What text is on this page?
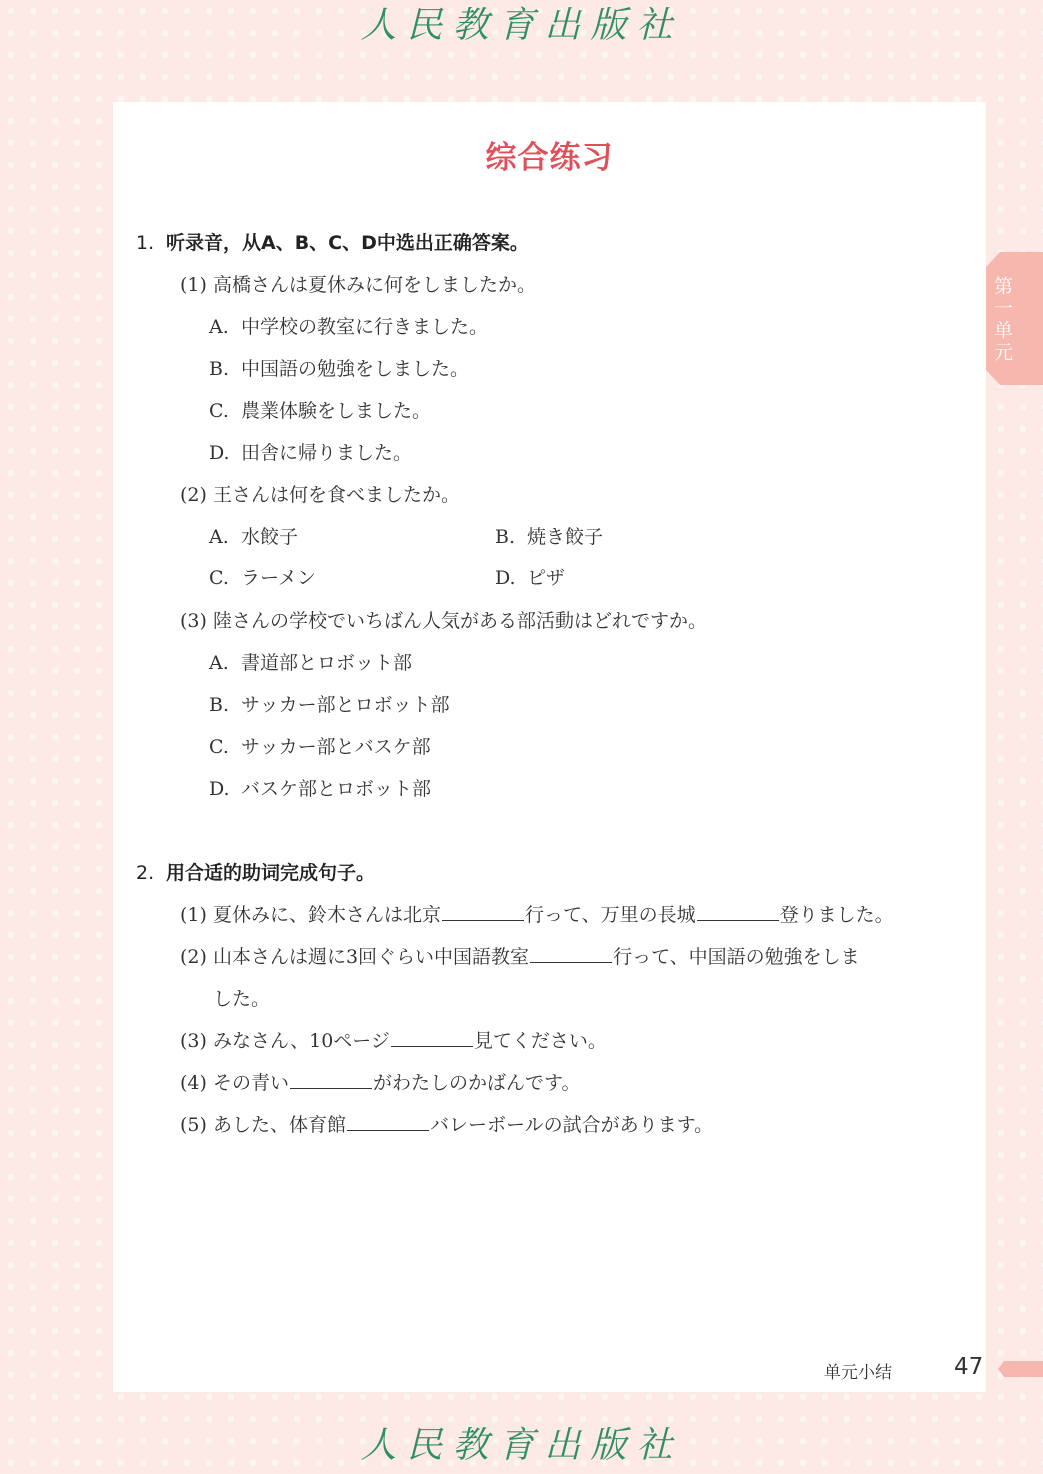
人民教育出版社
第一单元
综合练习
1. 听录音，从A、B、C、D中选出正确答案。
(1) 高橋さんは夏休みに何をしましたか。
A. 中学校の教室に行きました。
B. 中国語の勉強をしました。
C. 農業体験をしました。
D. 田舎に帰りました。
(2) 王さんは何を食べましたか。
A. 水餃子	B. 焼き餃子
C. ラーメン	D. ピザ
(3) 陸さんの学校でいちばん人気がある部活動はどれですか。
A. 書道部とロボット部
B. サッカー部とロボット部
C. サッカー部とバスケ部
D. バスケ部とロボット部
2. 用合适的助词完成句子。
(1) 夏休みに、鈴木さんは北京	行って、万里の長城	登りました。
(2) 山本さんは週に3回ぐらい中国語教室	行って、中国語の勉強をしま
した。
(3) みなさん、10ページ	見てください。
(4) その青い	がわたしのかばんです。
(5) あした、体育館	バレーボールの試合があります。
单元小结	47
人民教育出版社
